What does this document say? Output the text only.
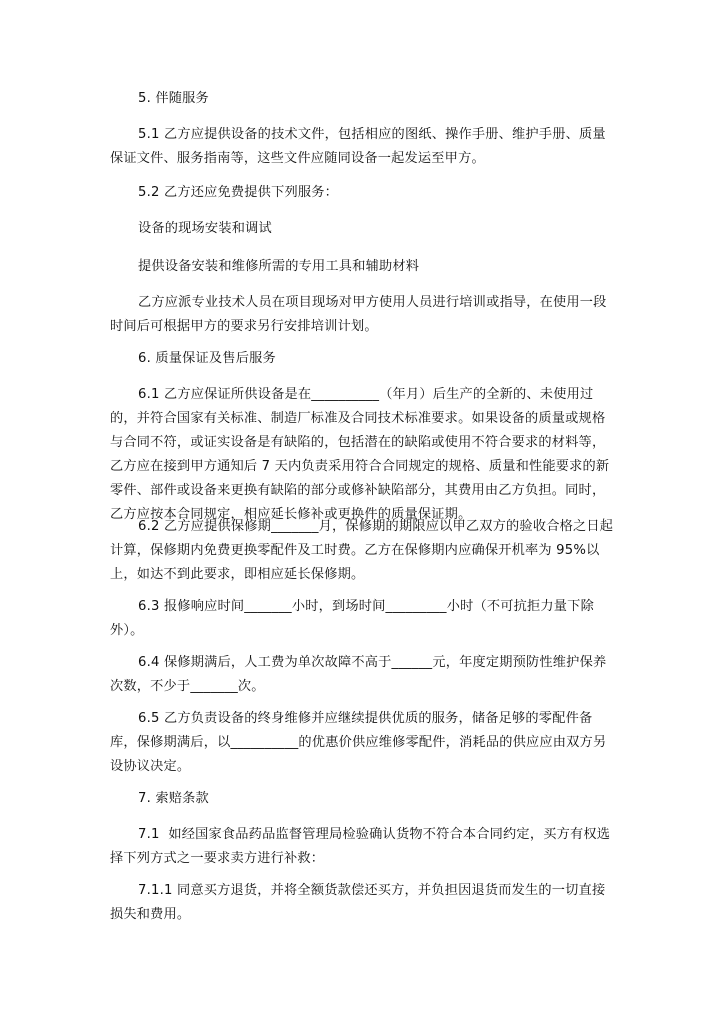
5. 伴随服务

5.1 乙方应提供设备的技术文件，包括相应的图纸、操作手册、维护手册、质量保证文件、服务指南等，这些文件应随同设备一起发运至甲方。

5.2 乙方还应免费提供下列服务：

设备的现场安装和调试

提供设备安装和维修所需的专用工具和辅助材料

乙方应派专业技术人员在项目现场对甲方使用人员进行培训或指导，在使用一段时间后可根据甲方的要求另行安排培训计划。

6. 质量保证及售后服务

6.1 乙方应保证所供设备是在__________（年月）后生产的全新的、未使用过的，并符合国家有关标准、制造厂标准及合同技术标准要求。如果设备的质量或规格与合同不符，或证实设备是有缺陷的，包括潜在的缺陷或使用不符合要求的材料等，乙方应在接到甲方通知后 7 天内负责采用符合合同规定的规格、质量和性能要求的新零件、部件或设备来更换有缺陷的部分或修补缺陷部分，其费用由乙方负担。同时，乙方应按本合同规定，相应延长修补或更换件的质量保证期。

6.2 乙方应提供保修期_______月，保修期的期限应以甲乙双方的验收合格之日起计算，保修期内免费更换零配件及工时费。乙方在保修期内应确保开机率为 95%以上，如达不到此要求，即相应延长保修期。

6.3 报修响应时间_______小时，到场时间_________小时（不可抗拒力量下除外）。

6.4 保修期满后，人工费为单次故障不高于______元，年度定期预防性维护保养次数，不少于_______次。

6.5 乙方负责设备的终身维修并应继续提供优质的服务，储备足够的零配件备库，保修期满后，以__________的优惠价供应维修零配件，消耗品的供应应由双方另设协议决定。

7. 索赔条款

7.1  如经国家食品药品监督管理局检验确认货物不符合本合同约定，买方有权选择下列方式之一要求卖方进行补救：

7.1.1 同意买方退货，并将全额货款偿还买方，并负担因退货而发生的一切直接损失和费用。
